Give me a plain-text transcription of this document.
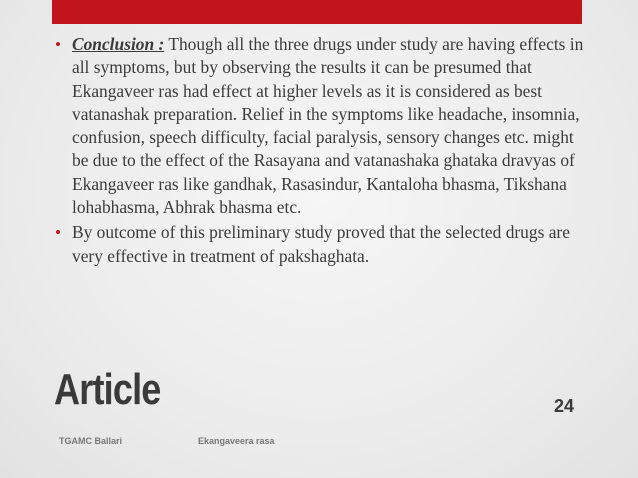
• Conclusion : Though all the three drugs under study are having effects in all symptoms, but by observing the results it can be presumed that Ekangaveer ras had effect at higher levels as it is considered as best vatanashak preparation. Relief in the symptoms like headache, insomnia, confusion, speech difficulty, facial paralysis, sensory changes etc. might be due to the effect of the Rasayana and vatanashaka ghataka dravyas of Ekangaveer ras like gandhak, Rasasindur, Kantaloha bhasma, Tikshana lohabhasma, Abhrak bhasma etc.
• By outcome of this preliminary study proved that the selected drugs are very effective in treatment of pakshaghata.
Article	24
TGAMC Ballari	Ekangaveera rasa
